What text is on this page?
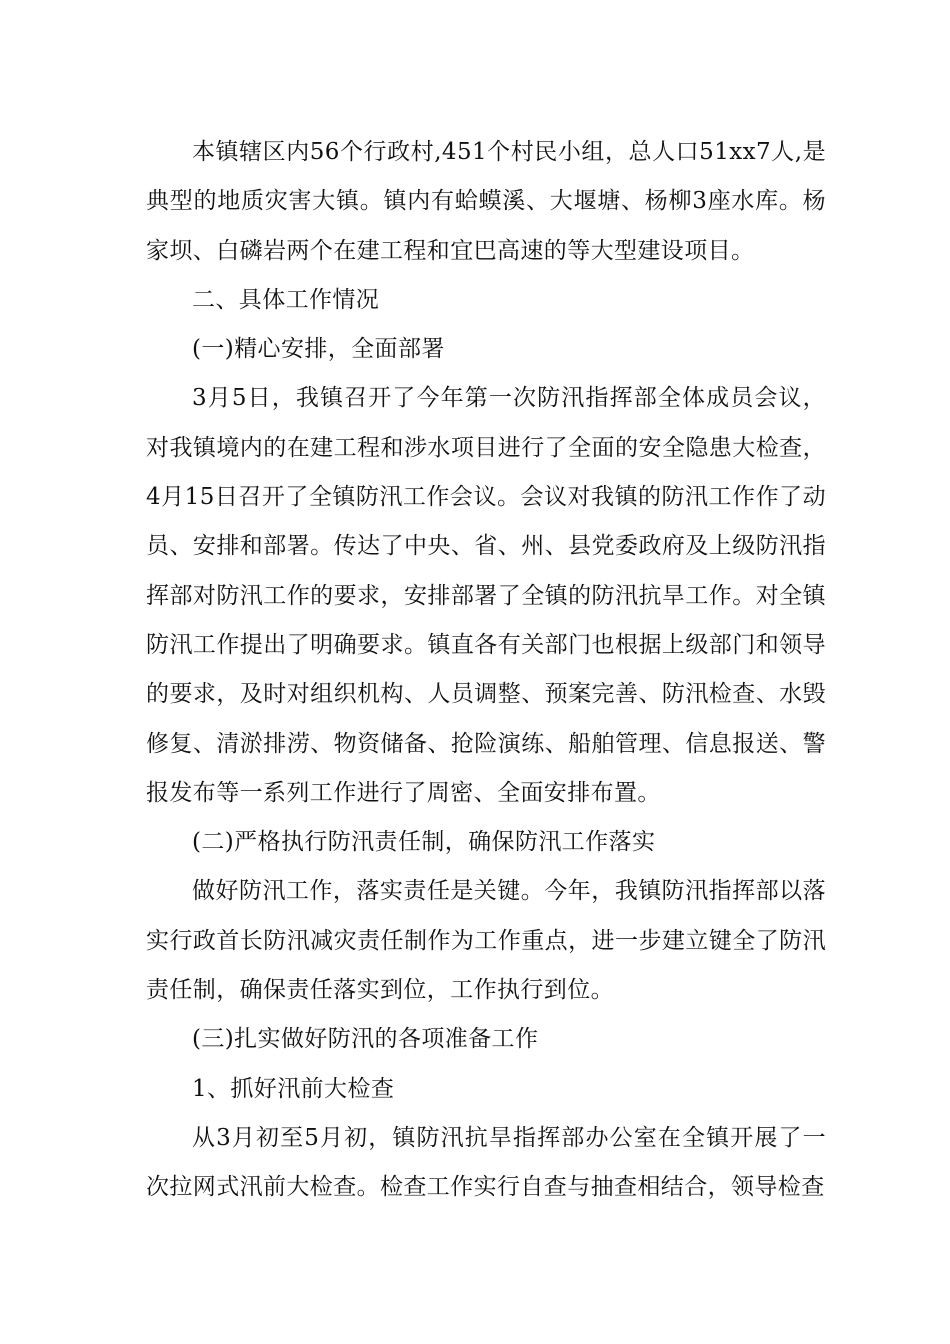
本镇辖区内56个行政村,451个村民小组，总人口51xx7人,是典型的地质灾害大镇。镇内有蛤蟆溪、大堰塘、杨柳3座水库。杨家坝、白磷岩两个在建工程和宜巴高速的等大型建设项目。

二、具体工作情况

(一)精心安排，全面部署

3月5日，我镇召开了今年第一次防汛指挥部全体成员会议，对我镇境内的在建工程和涉水项目进行了全面的安全隐患大检查， 4月15日召开了全镇防汛工作会议。会议对我镇的防汛工作作了动员、安排和部署。传达了中央、省、州、县党委政府及上级防汛指挥部对防汛工作的要求，安排部署了全镇的防汛抗旱工作。对全镇防汛工作提出了明确要求。镇直各有关部门也根据上级部门和领导的要求，及时对组织机构、人员调整、预案完善、防汛检查、水毁修复、清淤排涝、物资储备、抢险演练、船舶管理、信息报送、警报发布等一系列工作进行了周密、全面安排布置。

(二)严格执行防汛责任制，确保防汛工作落实

做好防汛工作，落实责任是关键。今年，我镇防汛指挥部以落实行政首长防汛减灾责任制作为工作重点，进一步建立键全了防汛责任制，确保责任落实到位，工作执行到位。

(三)扎实做好防汛的各项准备工作

1、抓好汛前大检查

从3月初至5月初，镇防汛抗旱指挥部办公室在全镇开展了一次拉网式汛前大检查。检查工作实行自查与抽查相结合，领导检查
